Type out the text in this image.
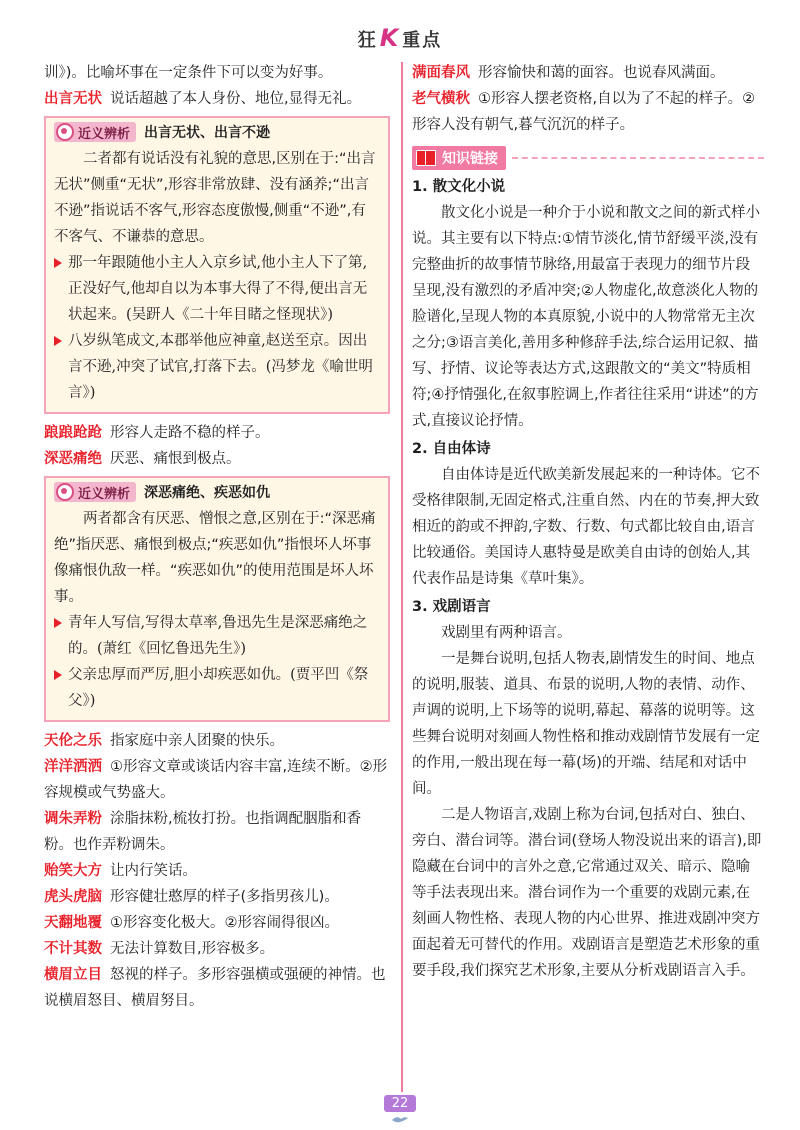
狂K 重点

训》)。比喻坏事在一定条件下可以变为好事。

出言无状 说话超越了本人身份、地位,显得无礼。

近义辨析 出言无状、出言不逊

二者都有说话没有礼貌的意思,区别在于:“出言无状”侧重“无状”,形容非常放肆、没有涵养;“出言不逊”指说话不客气,形容态度傲慢,侧重“不逊”,有不客气、不谦恭的意思。

那一年跟随他小主人入京乡试,他小主人下了第,正没好气,他却自以为本事大得了不得,便出言无状起来。(吴趼人《二十年目睹之怪现状》)

八岁纵笔成文,本郡举他应神童,赵送至京。因出言不逊,冲突了试官,打落下去。(冯梦龙《喻世明言》)

踉踉跄跄 形容人走路不稳的样子。

深恶痛绝 厌恶、痛恨到极点。

近义辨析 深恶痛绝、疾恶如仇

两者都含有厌恶、憎恨之意,区别在于:“深恶痛绝”指厌恶、痛恨到极点;“疾恶如仇”指恨坏人坏事像痛恨仇敌一样。“疾恶如仇”的使用范围是坏人坏事。

青年人写信,写得太草率,鲁迅先生是深恶痛绝之的。(萧红《回忆鲁迅先生》)

父亲忠厚而严厉,胆小却疾恶如仇。(贾平凹《祭父》)

天伦之乐 指家庭中亲人团聚的快乐。

洋洋洒洒 ①形容文章或谈话内容丰富,连续不断。②形容规模或气势盛大。

调朱弄粉 涂脂抹粉,梳妆打扮。也指调配胭脂和香粉。也作弄粉调朱。

贻笑大方 让内行笑话。

虎头虎脑 形容健壮憨厚的样子(多指男孩儿)。

天翻地覆 ①形容变化极大。②形容闹得很凶。

不计其数 无法计算数目,形容极多。

横眉立目 怒视的样子。多形容强横或强硬的神情。也说横眉怒目、横眉努目。

满面春风 形容愉快和蔼的面容。也说春风满面。

老气横秋 ①形容人摆老资格,自以为了不起的样子。②形容人没有朝气,暮气沉沉的样子。

知识链接

1. 散文化小说

散文化小说是一种介于小说和散文之间的新式样小说。其主要有以下特点:①情节淡化,情节舒缓平淡,没有完整曲折的故事情节脉络,用最富于表现力的细节片段呈现,没有激烈的矛盾冲突;②人物虚化,故意淡化人物的脸谱化,呈现人物的本真原貌,小说中的人物常常无主次之分;③语言美化,善用多种修辞手法,综合运用记叙、描写、抒情、议论等表达方式,这跟散文的“美文”特质相符;④抒情强化,在叙事腔调上,作者往往采用“讲述”的方式,直接议论抒情。

2. 自由体诗

自由体诗是近代欧美新发展起来的一种诗体。它不受格律限制,无固定格式,注重自然、内在的节奏,押大致相近的韵或不押韵,字数、行数、句式都比较自由,语言比较通俗。美国诗人惠特曼是欧美自由诗的创始人,其代表作品是诗集《草叶集》。

3. 戏剧语言

戏剧里有两种语言。

一是舞台说明,包括人物表,剧情发生的时间、地点的说明,服装、道具、布景的说明,人物的表情、动作、声调的说明,上下场等的说明,幕起、幕落的说明等。这些舞台说明对刻画人物性格和推动戏剧情节发展有一定的作用,一般出现在每一幕(场)的开端、结尾和对话中间。

二是人物语言,戏剧上称为台词,包括对白、独白、旁白、潜台词等。潜台词(登场人物没说出来的语言),即隐藏在台词中的言外之意,它常通过双关、暗示、隐喻等手法表现出来。潜台词作为一个重要的戏剧元素,在刻画人物性格、表现人物的内心世界、推进戏剧冲突方面起着无可替代的作用。戏剧语言是塑造艺术形象的重要手段,我们探究艺术形象,主要从分析戏剧语言入手。

22
